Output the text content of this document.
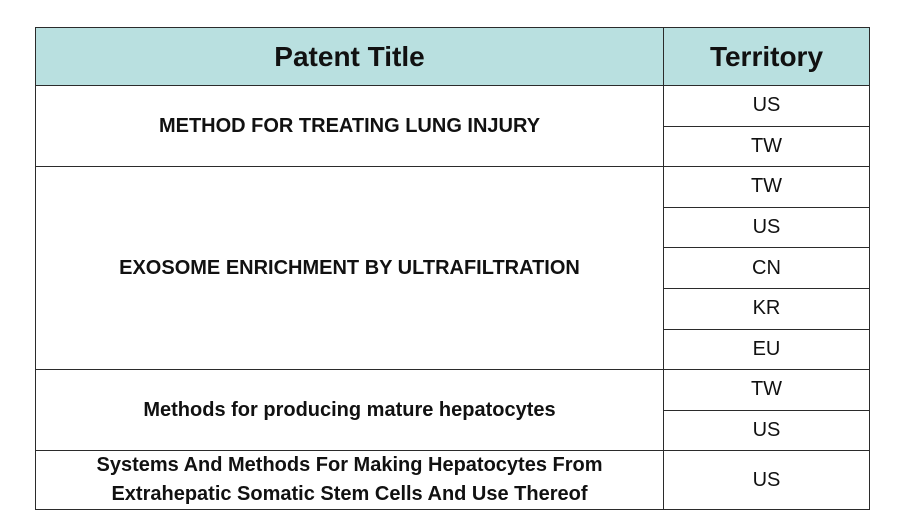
Patent Title	Territory

METHOD FOR TREATING LUNG INJURY	US
	TW

EXOSOME ENRICHMENT BY ULTRAFILTRATION	TW
	US
	CN
	KR
	EU

Methods for producing mature hepatocytes	TW
	US

Systems And Methods For Making Hepatocytes From
Extrahepatic Somatic Stem Cells And Use Thereof	US
